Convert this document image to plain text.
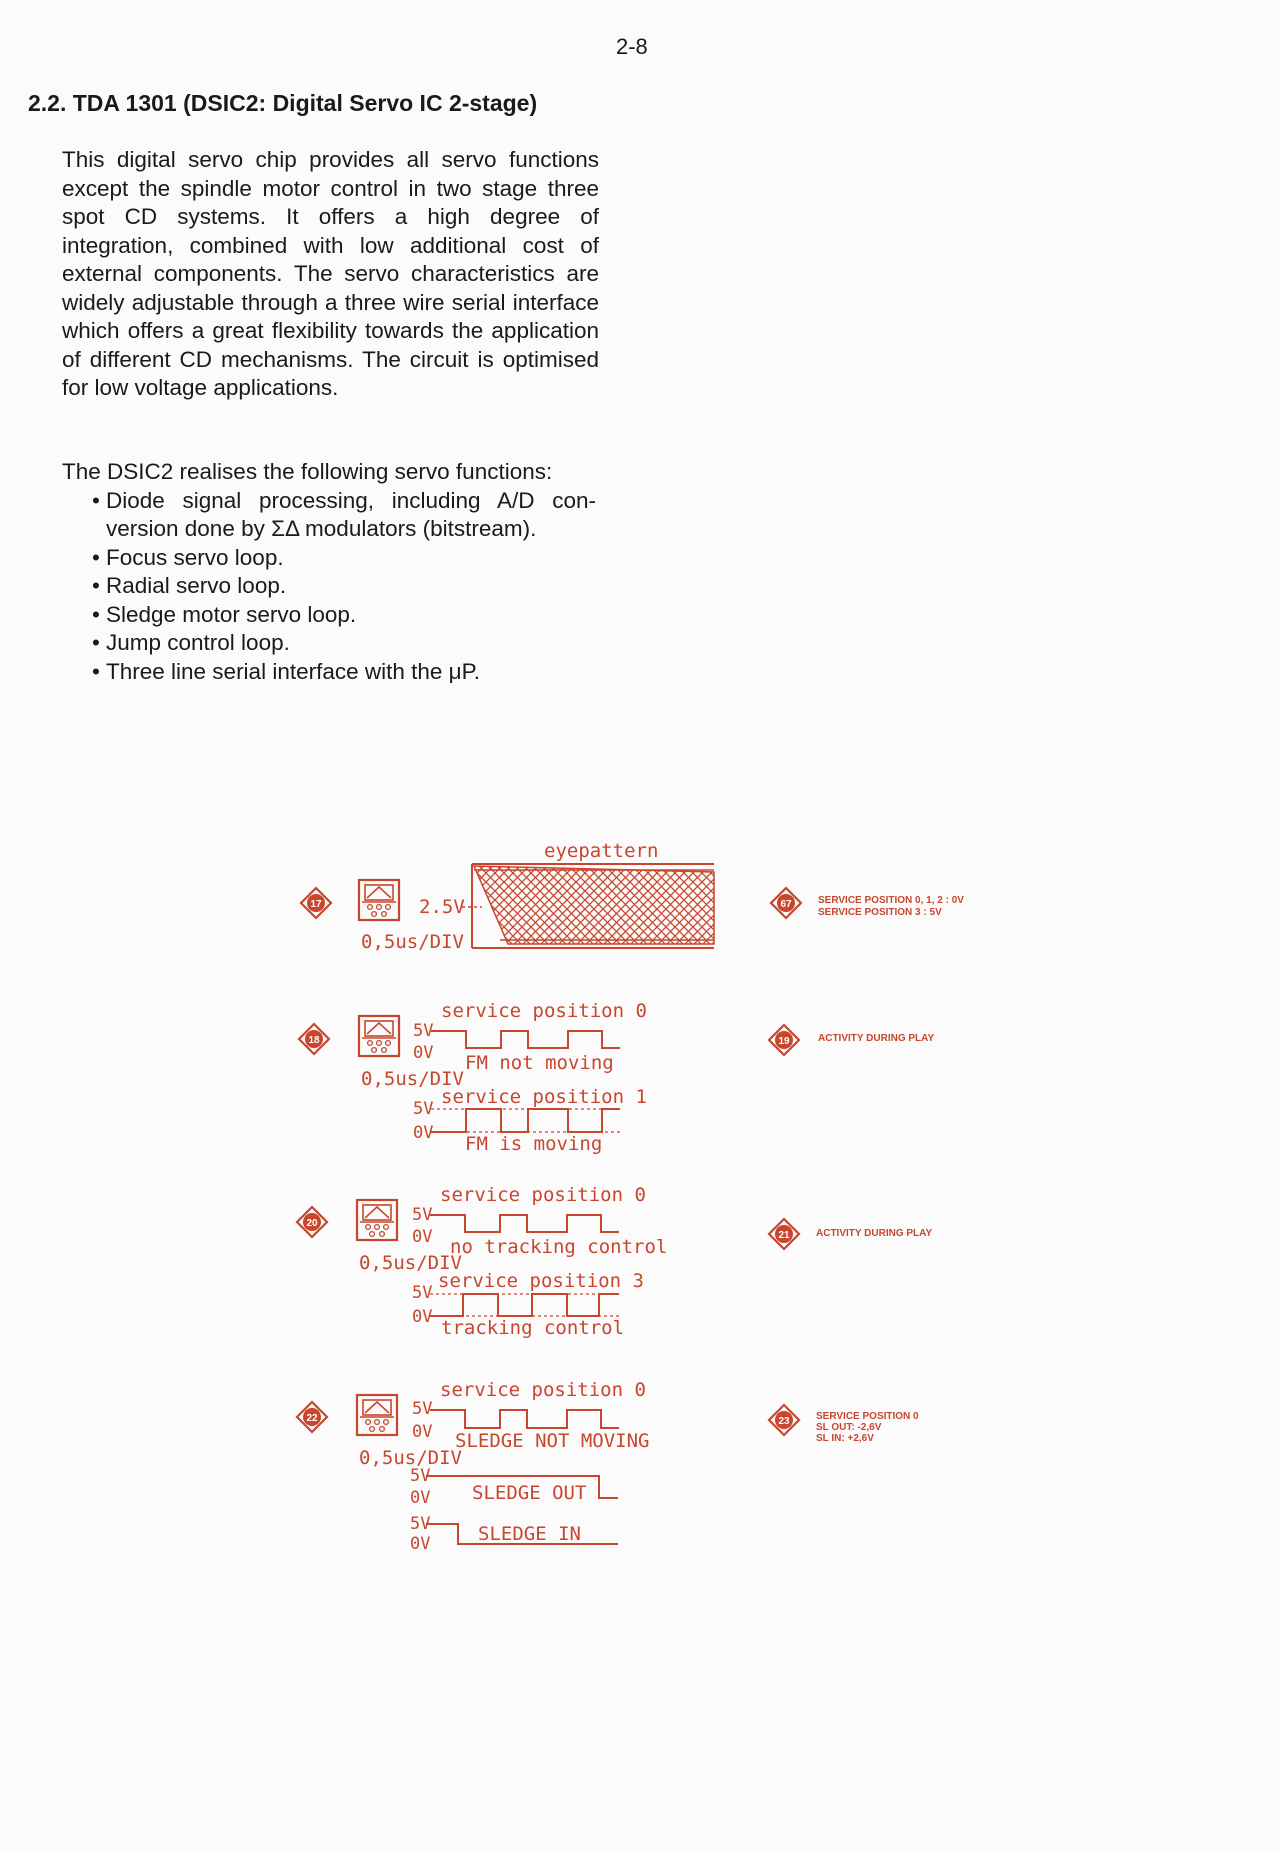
2-8
2.2. TDA 1301 (DSIC2: Digital Servo IC 2-stage)

This digital servo chip provides all servo functions except the spindle motor control in two stage three spot CD systems. It offers a high degree of integration, combined with low additional cost of external components. The servo characteristics are widely adjustable through a three wire serial interface which offers a great flexibility towards the application of different CD mechanisms. The circuit is optimised for low voltage applications.

The DSIC2 realises the following servo functions:
• Diode signal processing, including A/D con-version done by ΣΔ modulators (bitstream).
• Focus servo loop.
• Radial servo loop.
• Sledge motor servo loop.
• Jump control loop.
• Three line serial interface with the μP.
17
eyepattern
2.5V
0,5us/DIV
67	SERVICE POSITION 0, 1, 2 : 0V
SERVICE POSITION 3 : 5V
18
0,5us/DIV
service position 0
5V
0V FM not moving
service position 1
5V
0V FM is moving
19	ACTIVITY DURING PLAY
20
0,5us/DIV
service position 0
5V
0V no tracking control
service position 3
5V
0V tracking control
21	ACTIVITY DURING PLAY
22
0,5us/DIV
service position 0
5V
0V SLEDGE NOT MOVING
5V
0V SLEDGE OUT
5V
0V	SLEDGE IN
23	SERVICE POSITION 0
SL OUT: -2,6V
SL IN: +2,6V
